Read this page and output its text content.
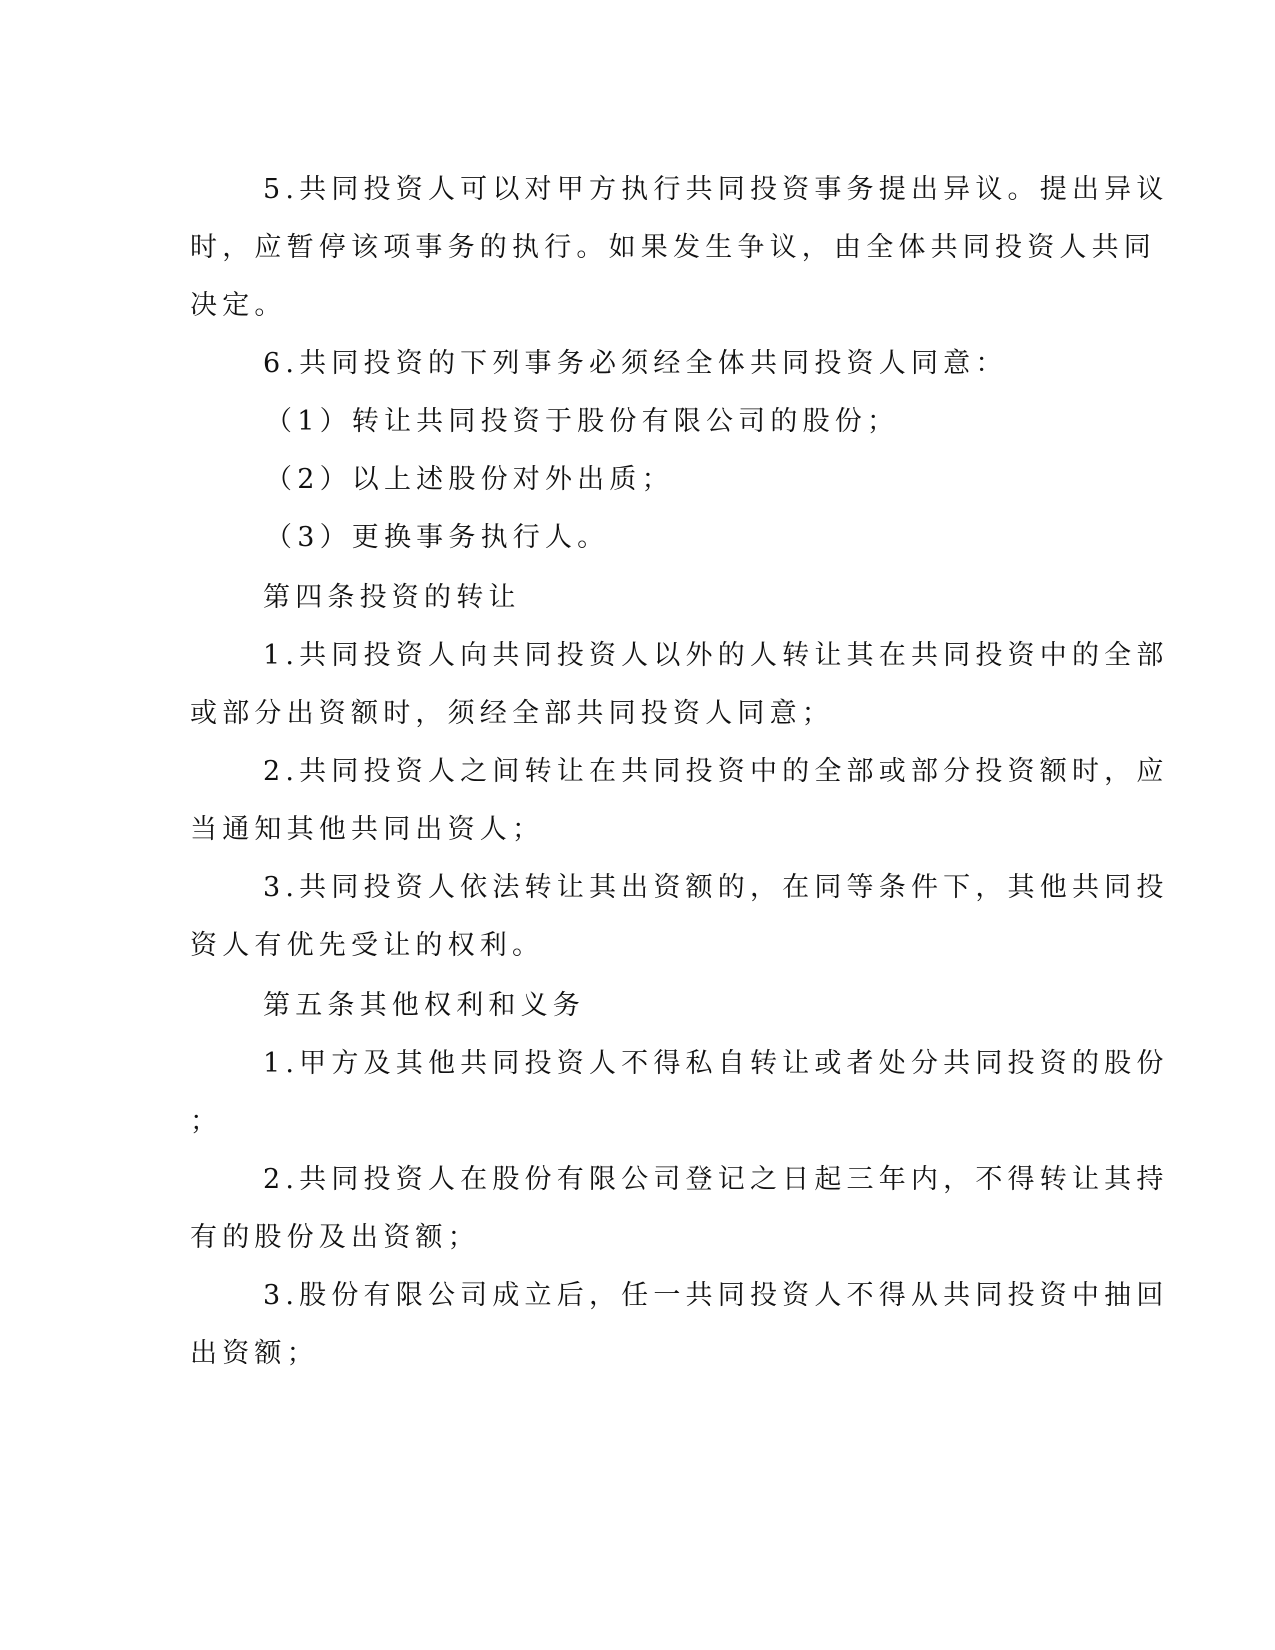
5.共同投资人可以对甲方执行共同投资事务提出异议。提出异议
时，应暂停该项事务的执行。如果发生争议，由全体共同投资人共同
决定。
6.共同投资的下列事务必须经全体共同投资人同意：
（1）转让共同投资于股份有限公司的股份；
（2）以上述股份对外出质；
（3）更换事务执行人。
第四条投资的转让
1.共同投资人向共同投资人以外的人转让其在共同投资中的全部
或部分出资额时，须经全部共同投资人同意；
2.共同投资人之间转让在共同投资中的全部或部分投资额时，应
当通知其他共同出资人；
3.共同投资人依法转让其出资额的，在同等条件下，其他共同投
资人有优先受让的权利。
第五条其他权利和义务
1.甲方及其他共同投资人不得私自转让或者处分共同投资的股份
；
2.共同投资人在股份有限公司登记之日起三年内，不得转让其持
有的股份及出资额；
3.股份有限公司成立后，任一共同投资人不得从共同投资中抽回
出资额；
